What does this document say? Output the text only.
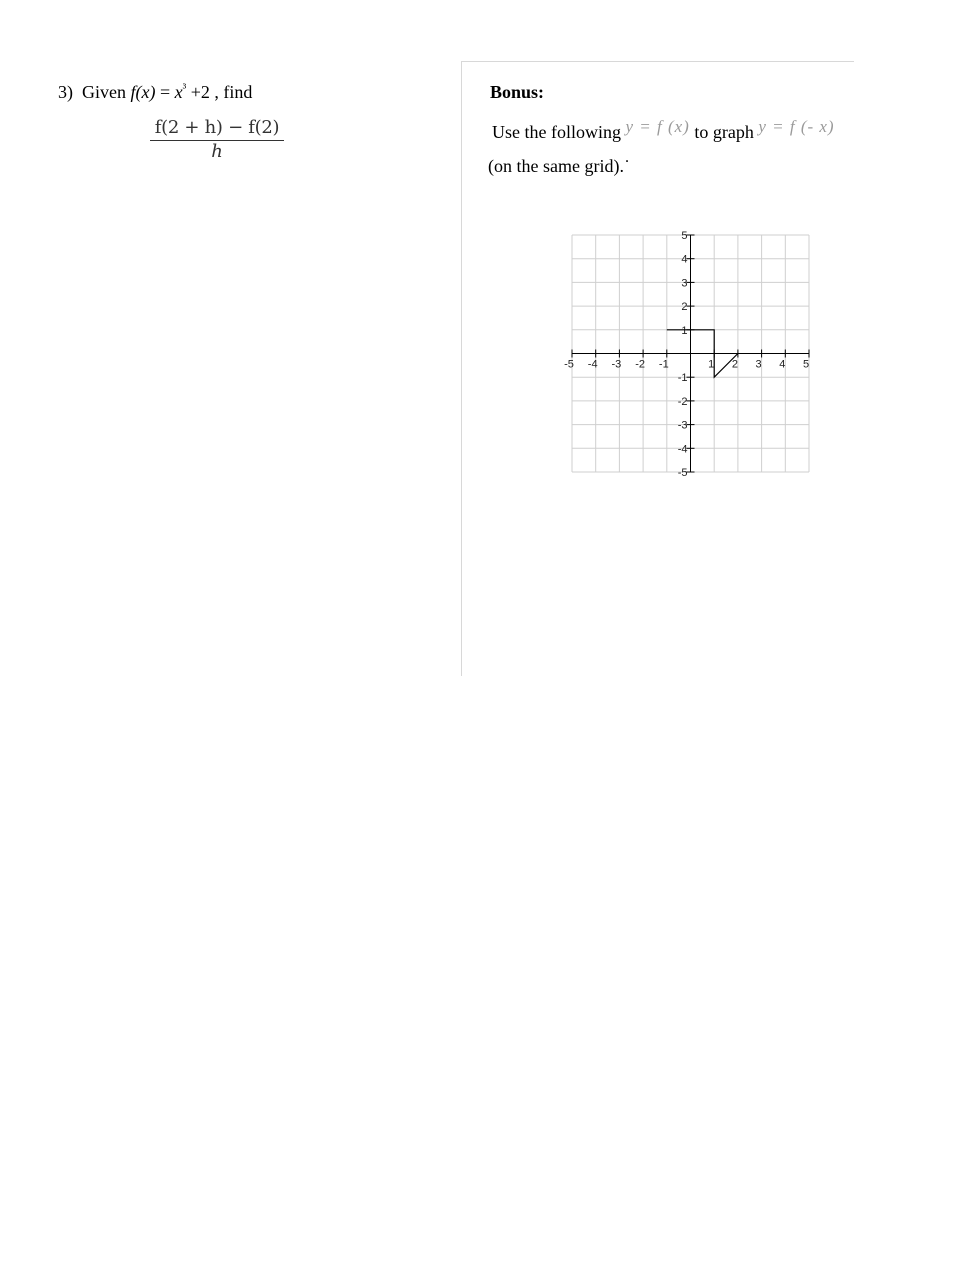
3) Given $f(x) = x^{^3} +2$ , find
$\frac{f(2 + h) - f(2)}{h}$
Bonus:
Use the following y = f (x) to graph y = f (- x)
(on the same grid).˙
-5 -4 -3 -2 -1	1 2 3 4 5
5
4
3
2
1
-1
-2
-3
-4
-5
